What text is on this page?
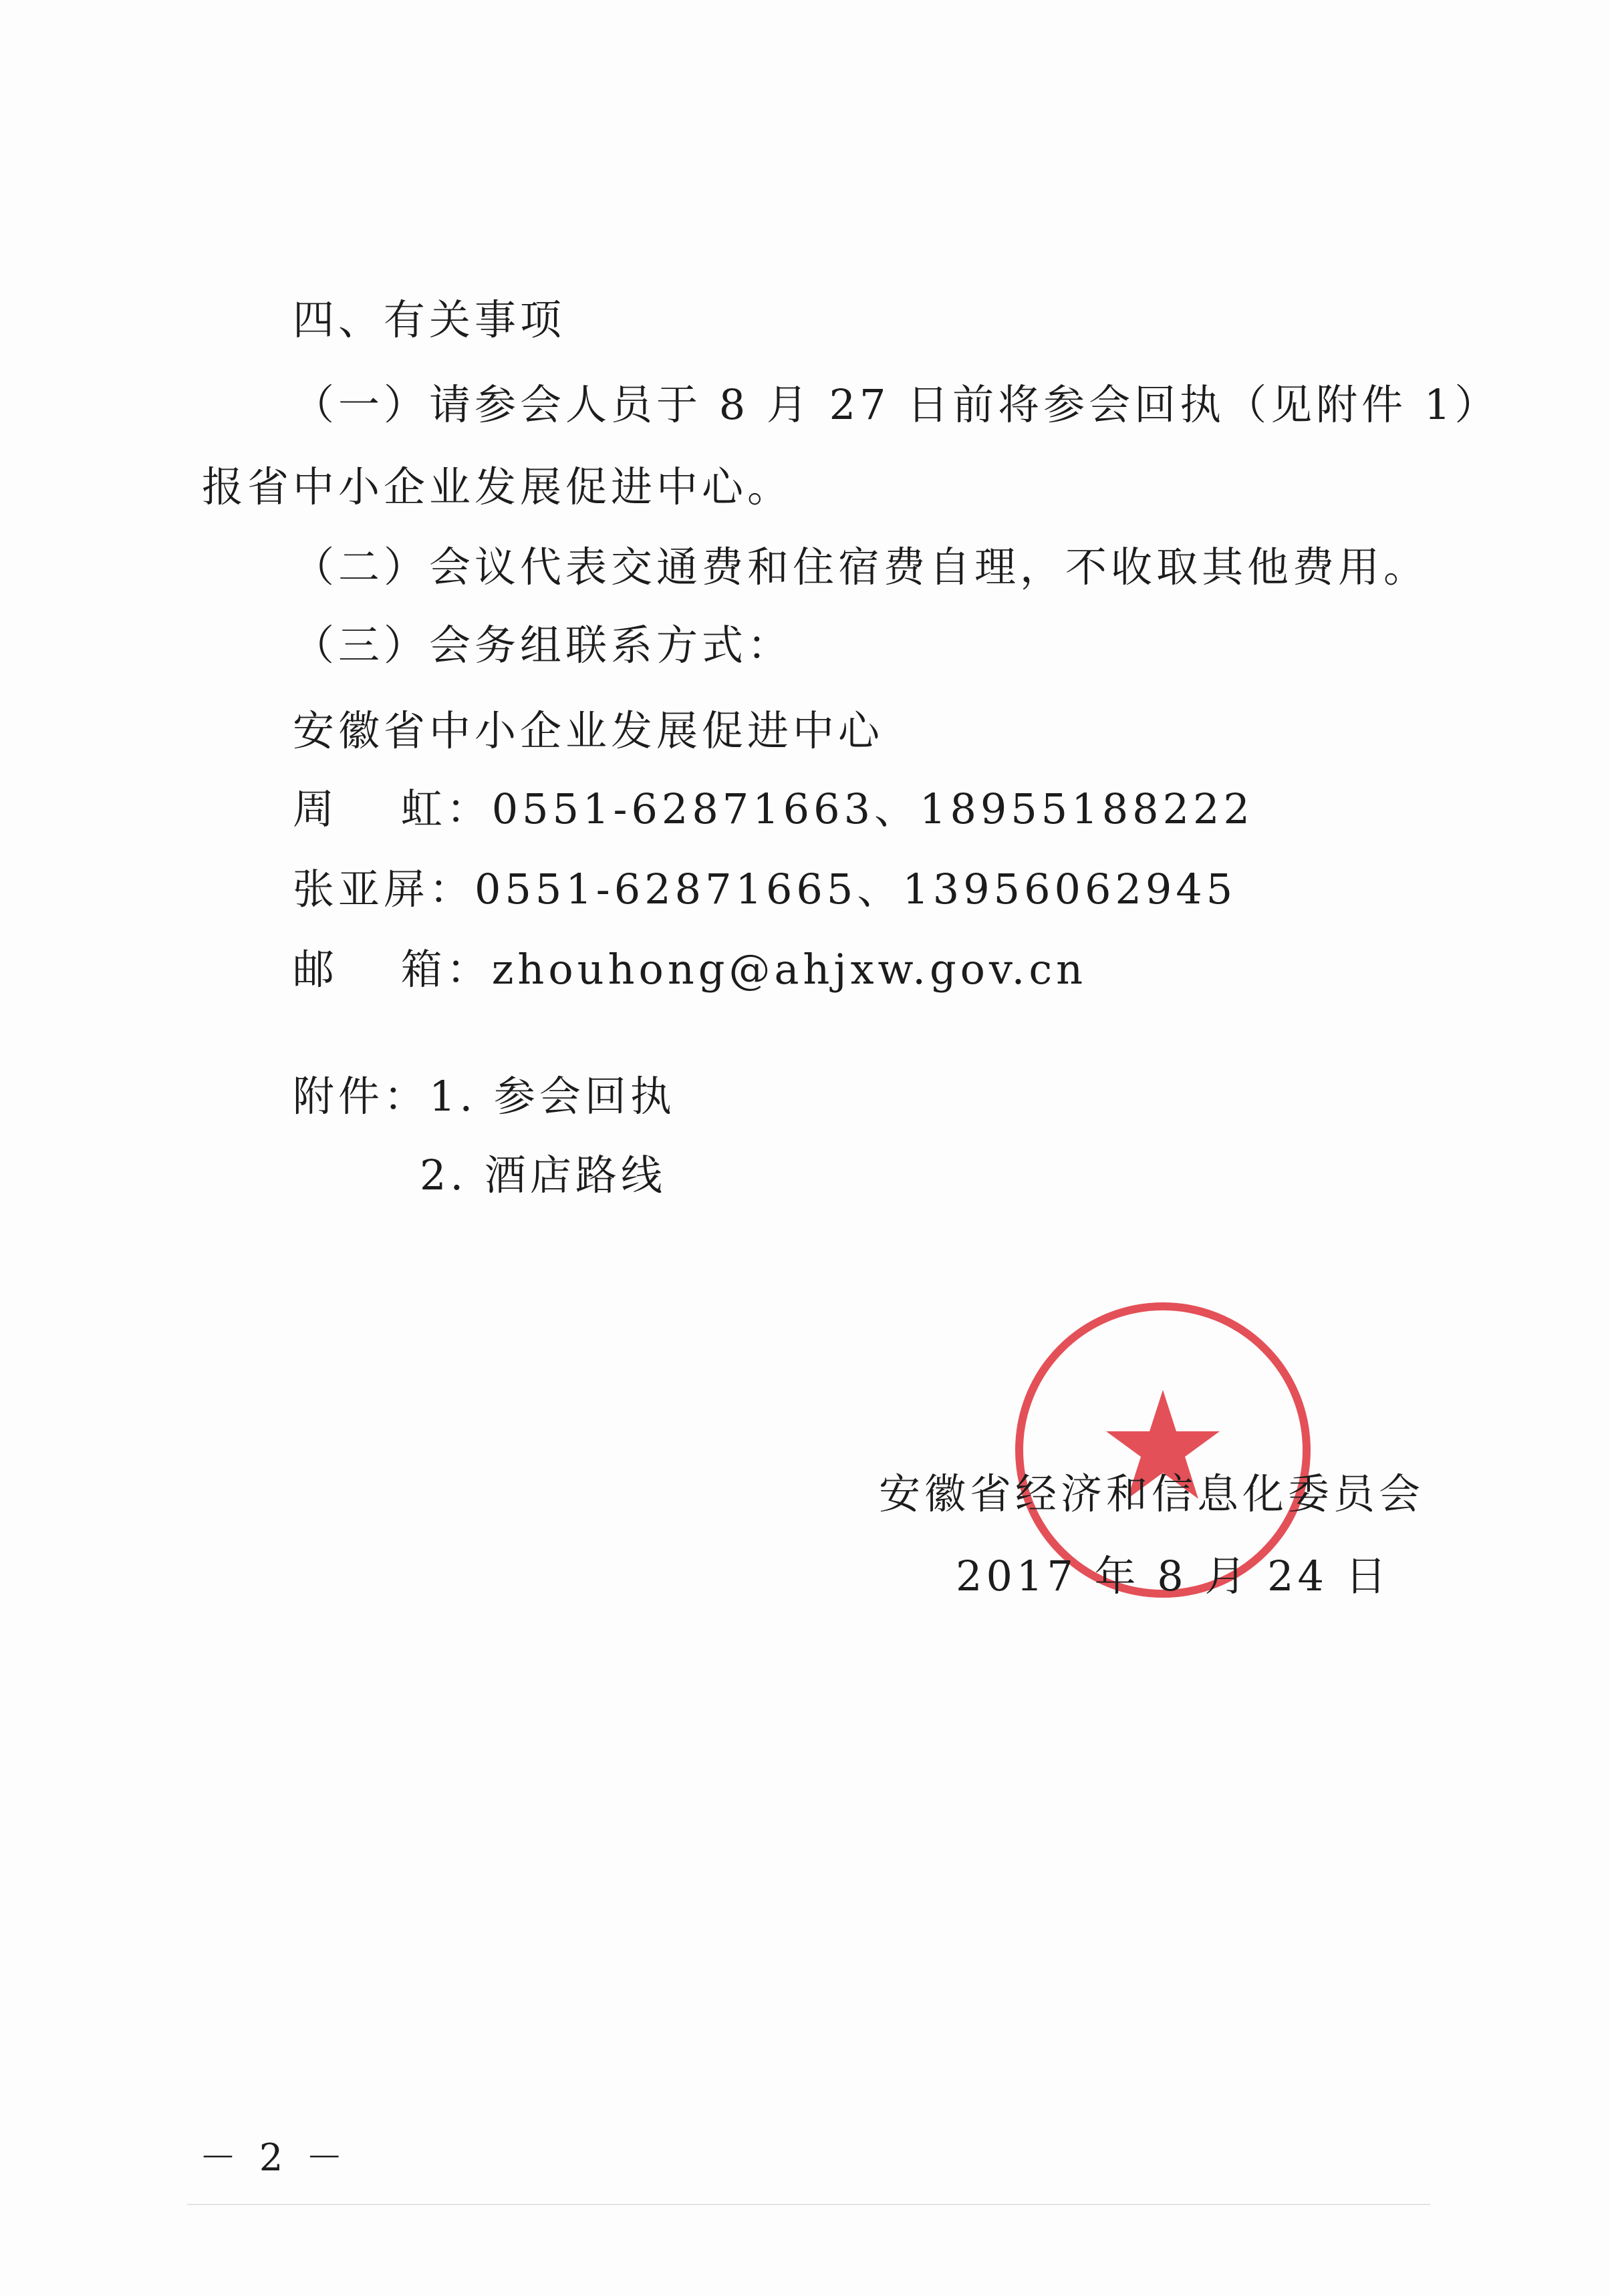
四、有关事项
（一）请参会人员于 8 月 27 日前将参会回执（见附件 1）
报省中小企业发展促进中心。
（二）会议代表交通费和住宿费自理，不收取其他费用。
（三）会务组联系方式：
安徽省中小企业发展促进中心
周　 虹：0551-62871663、18955188222
张亚屏：0551-62871665、13956062945
邮　 箱：zhouhong@ahjxw.gov.cn
附件：1. 参会回执
2. 酒店路线
安徽省经济和信息化委员会
2017 年 8 月 24 日
－ 2 －
